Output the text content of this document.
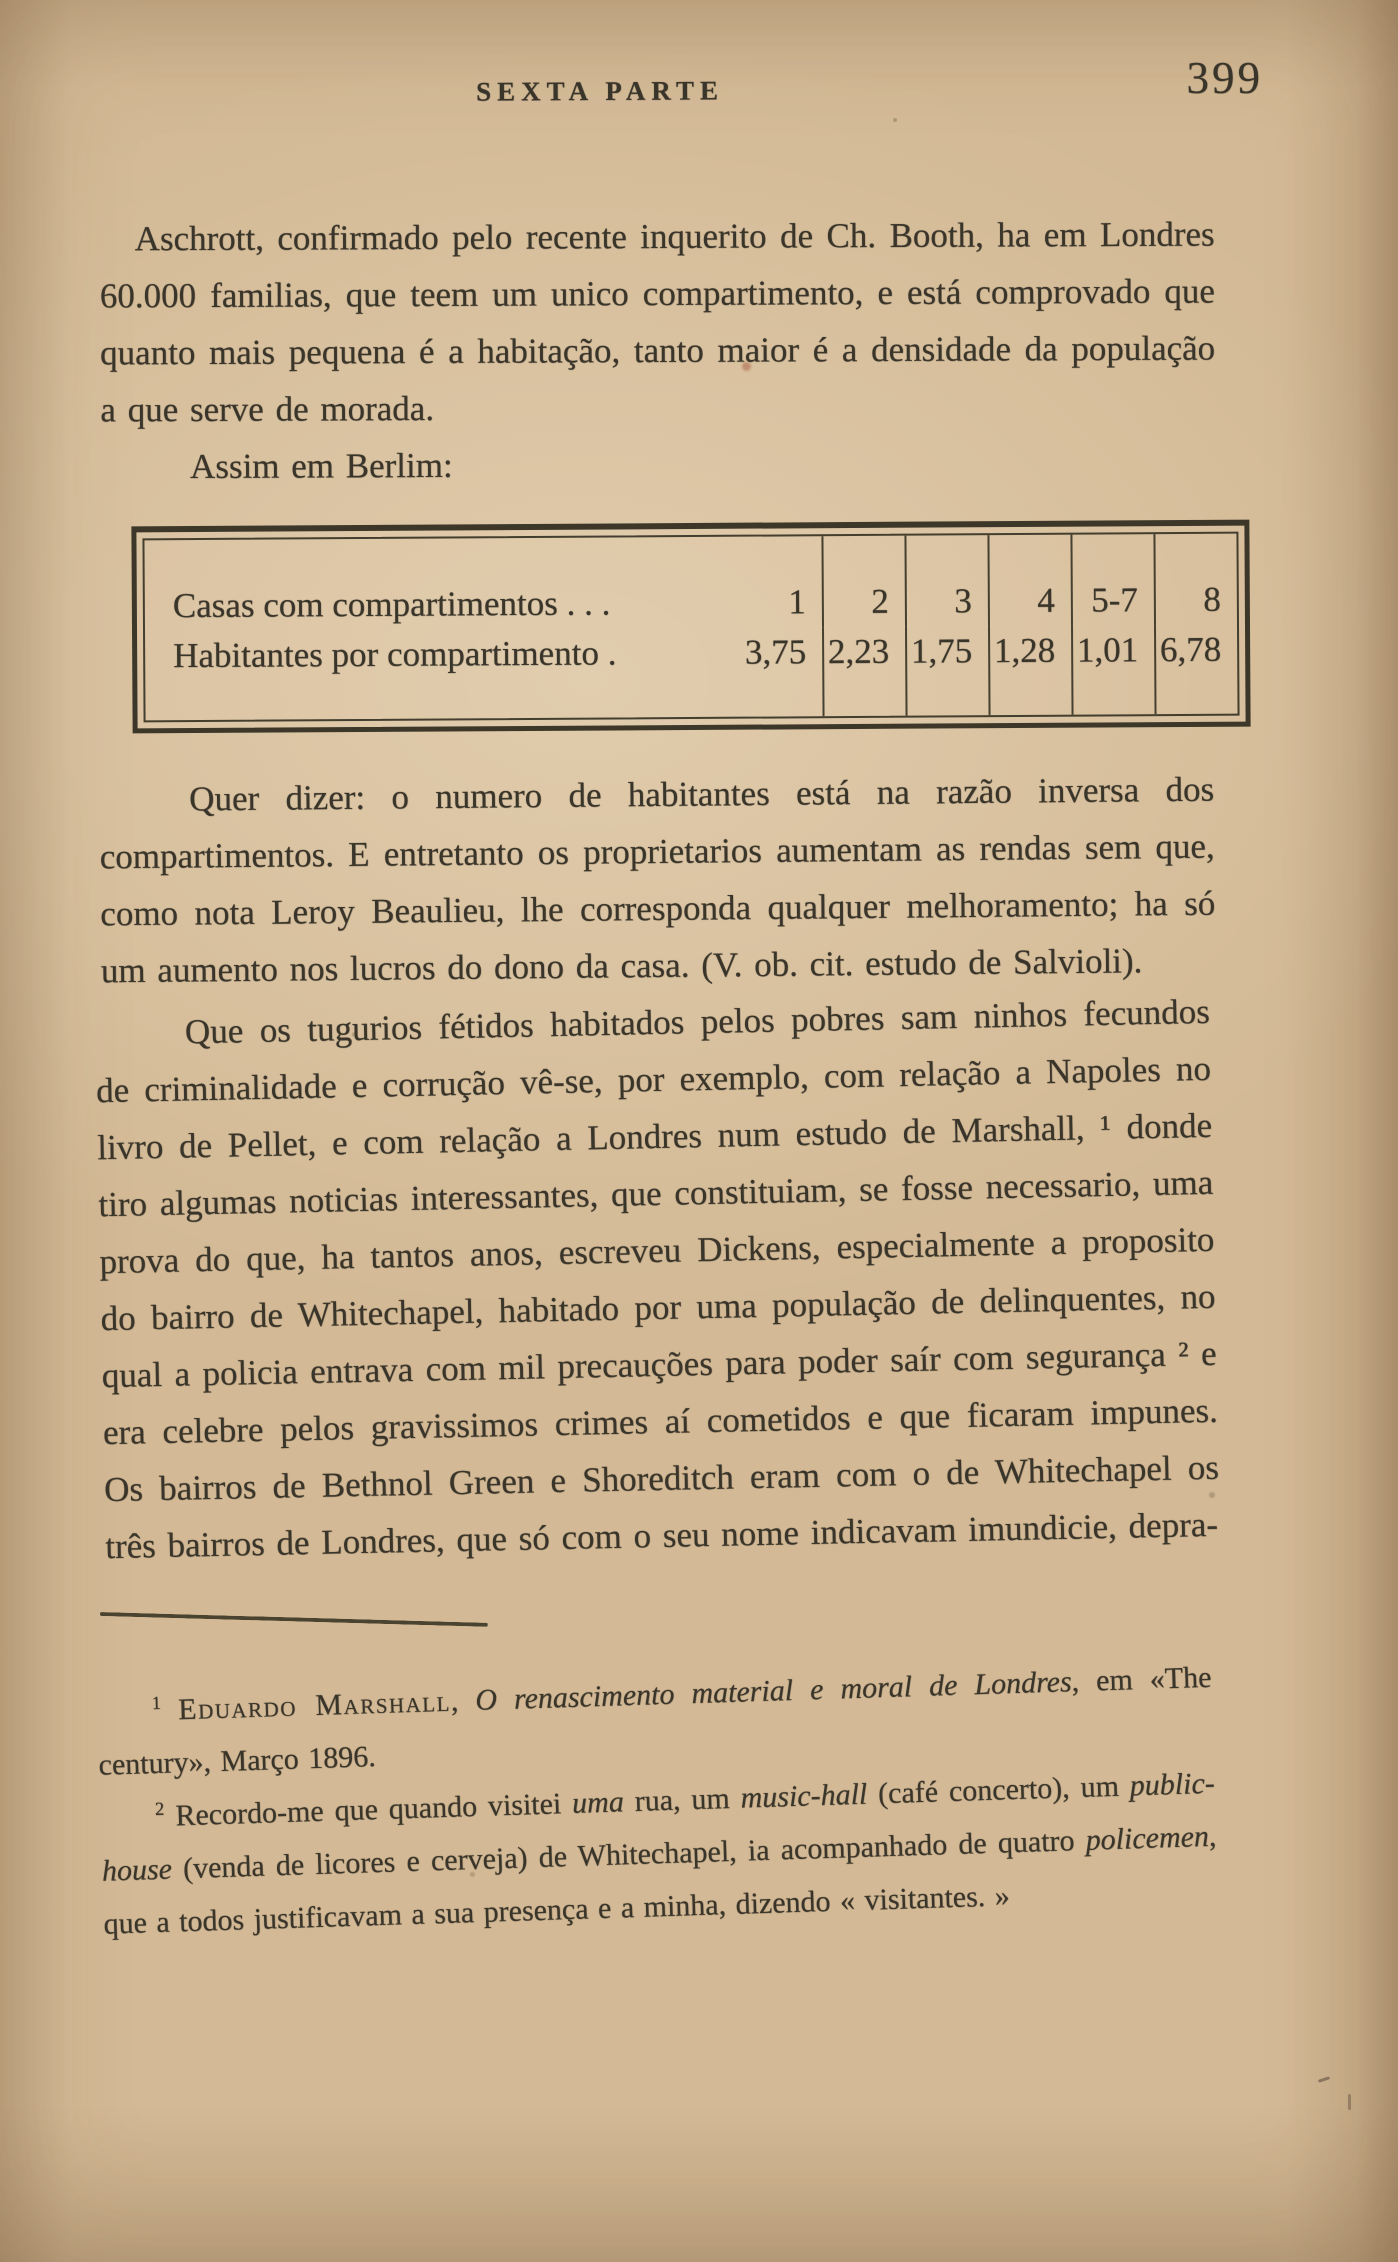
SEXTA PARTE	399

Aschrott, confirmado pelo recente inquerito de Ch. Booth, ha em Londres 60.000 familias, que teem um unico compartimento, e está comprovado que quanto mais pequena é a habitação, tanto maior é a densidade da população a que serve de morada.

Assim em Berlim:

Casas com compartimentos . . .	1	2	3	4	5-7	8
Habitantes por compartimento .	3,75 2,23 1,75 1,28 1,01 6,78

Quer dizer: o numero de habitantes está na razão inversa dos compartimentos. E entretanto os proprietarios aumentam as rendas sem que, como nota Leroy Beaulieu, lhe corresponda qualquer melhoramento; ha só um aumento nos lucros do dono da casa. (V. ob. cit. estudo de Salvioli).

Que os tugurios fétidos habitados pelos pobres sam ninhos fecundos de criminalidade e corrução vê-se, por exemplo, com relação a Napoles no livro de Pellet, e com relação a Londres num estudo de Marshall, ¹ donde tiro algumas noticias interessantes, que constituiam, se fosse necessario, uma prova do que, ha tantos anos, escreveu Dickens, especialmente a proposito do bairro de Whitechapel, habitado por uma população de delinquentes, no qual a policia entrava com mil precauções para poder saír com segurança ² e era celebre pelos gravissimos crimes aí cometidos e que ficaram impunes. Os bairros de Bethnol Green e Shoreditch eram com o de Whitechapel os três bairros de Londres, que só com o seu nome indicavam imundicie, depra-

$^1$ Eduardo Marshall, O renascimento material e moral de Londres, em «The century», Março 1896.

$^2$ Recordo-me que quando visitei uma rua, um music-hall (café concerto), um public-house (venda de licores e cerveja) de Whitechapel, ia acompanhado de quatro policemen, que a todos justificavam a sua presença e a minha, dizendo « visitantes. »
